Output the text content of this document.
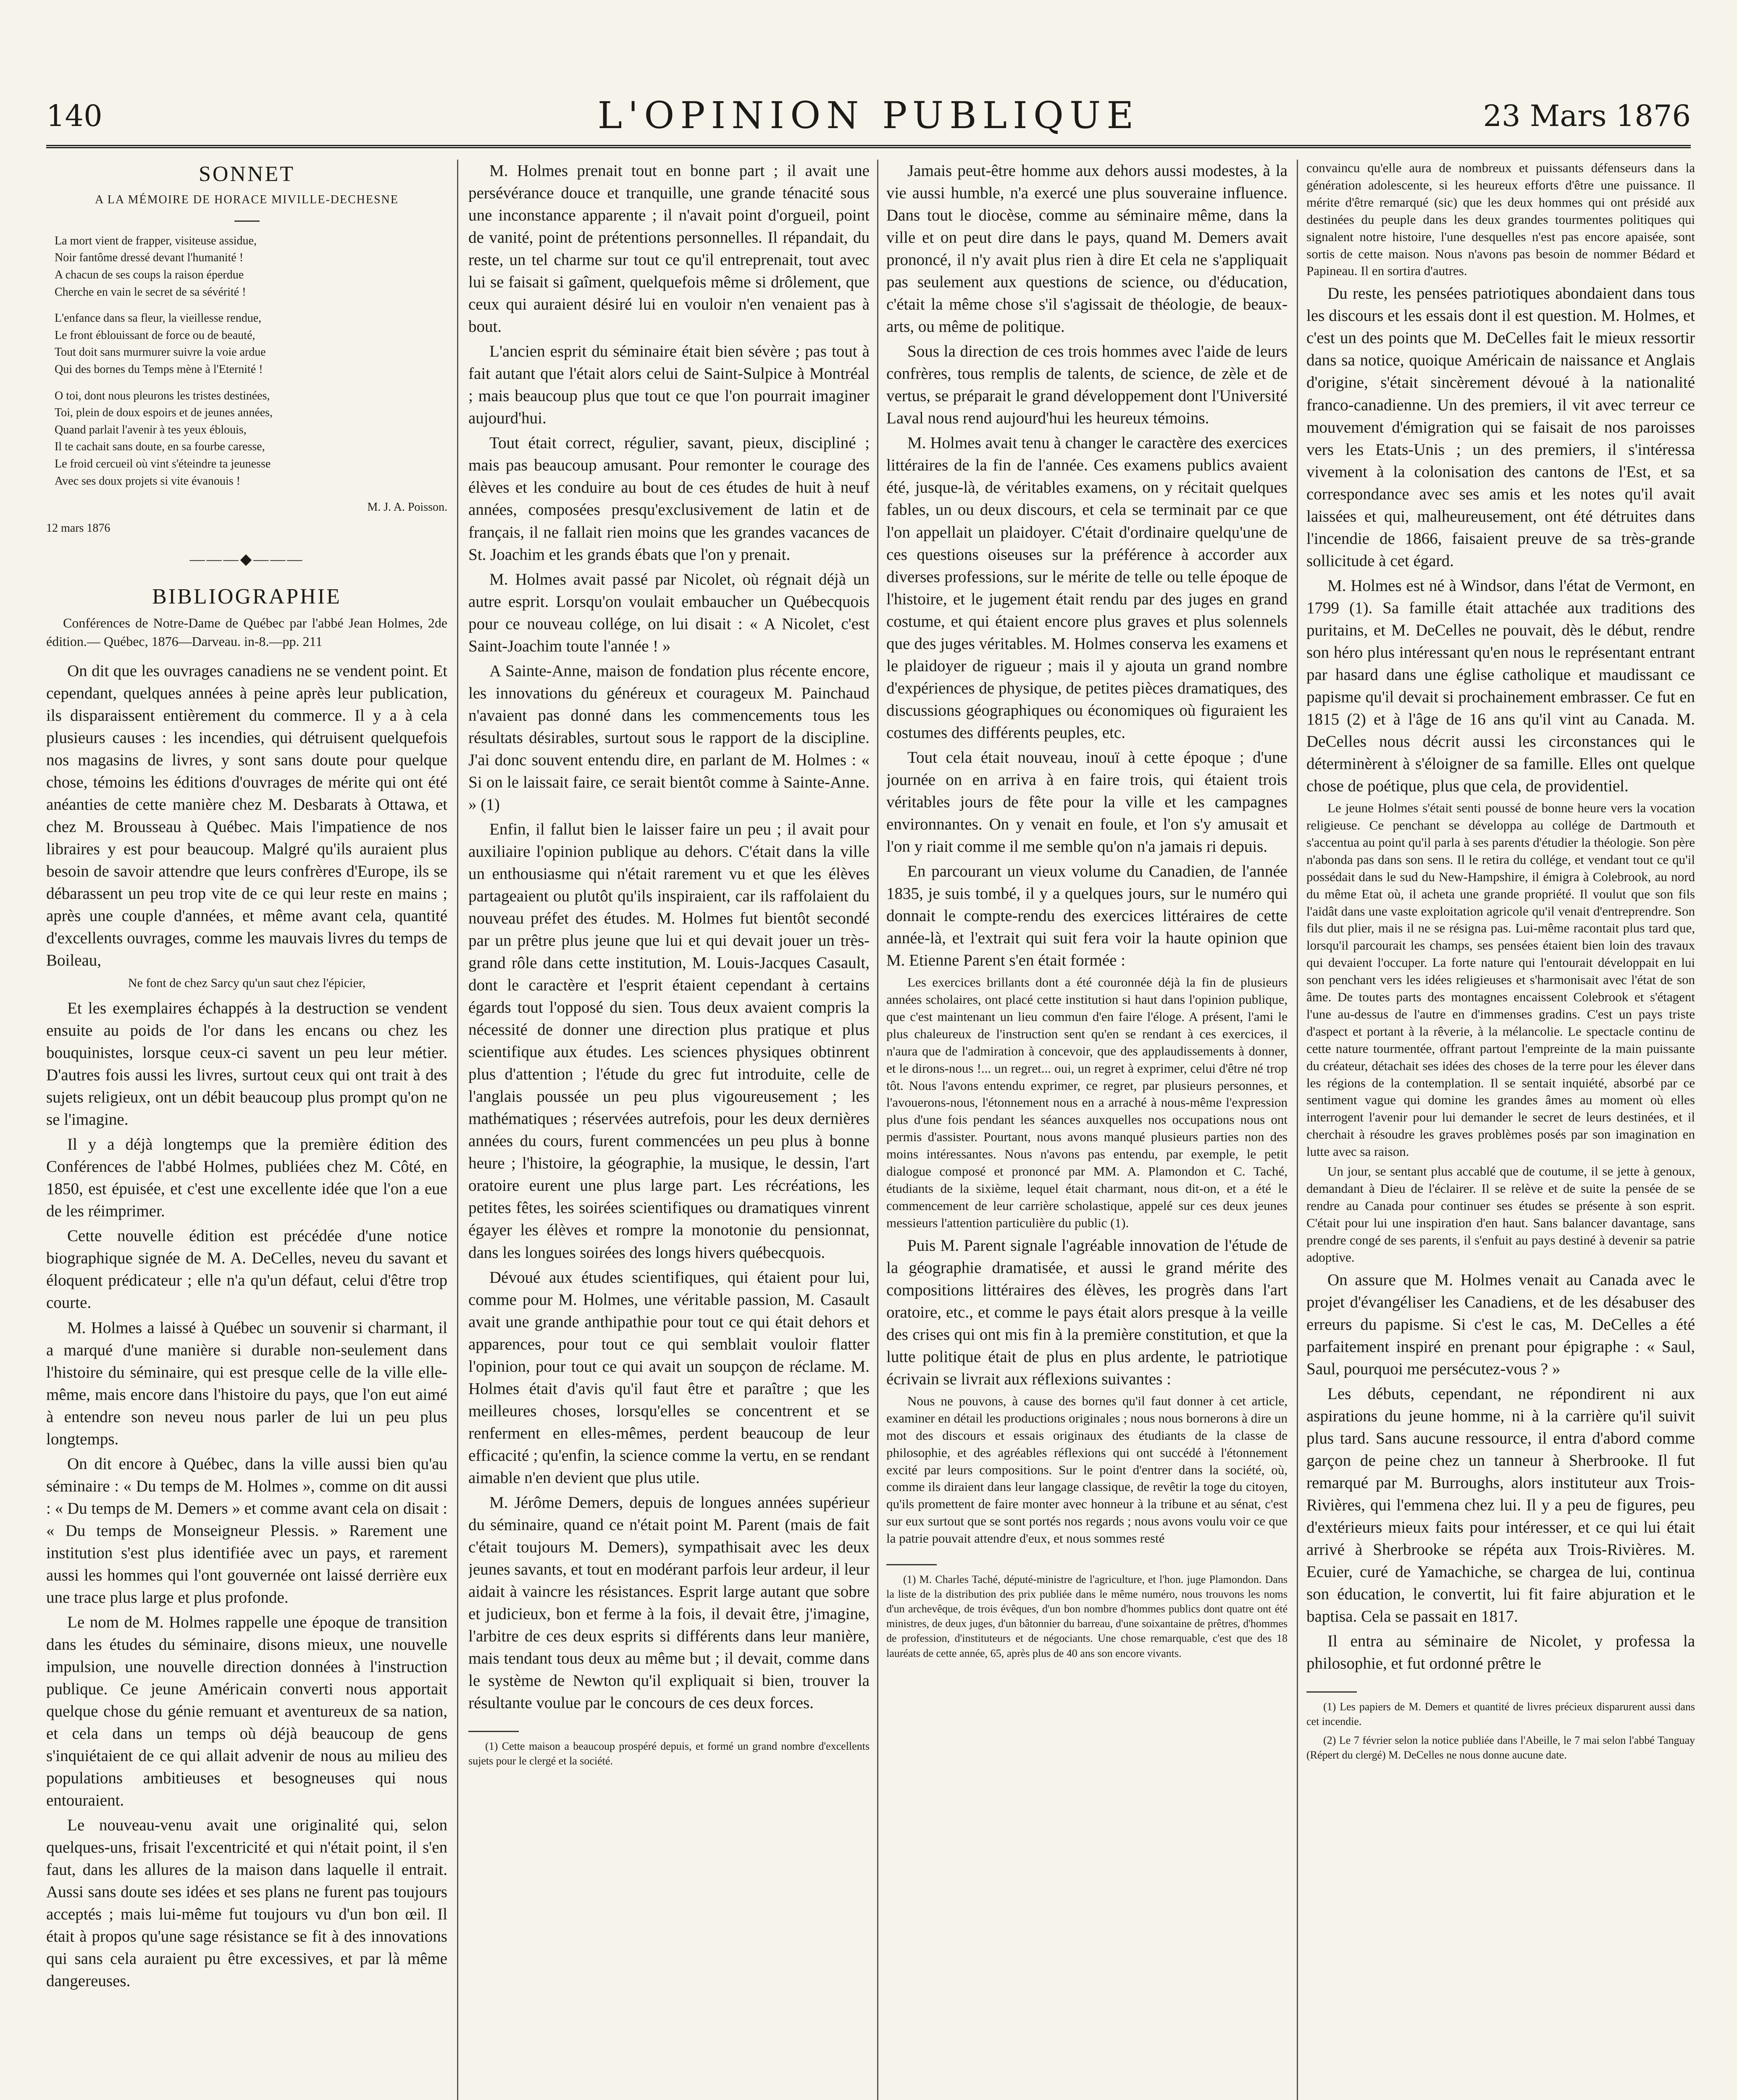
140	L'OPINION PUBLIQUE	23 Mars 1876
SONNET
A LA MÉMOIRE DE HORACE MIVILLE-DECHESNE
La mort vient de frapper, visiteuse assidue,
Noir fantôme dressé devant l'humanité !
A chacun de ses coups la raison éperdue
Cherche en vain le secret de sa sévérité !
L'enfance dans sa fleur, la vieillesse rendue,
Le front éblouissant de force ou de beauté,
Tout doit sans murmurer suivre la voie ardue
Qui des bornes du Temps mène à l'Eternité !
O toi, dont nous pleurons les tristes destinées,
Toi, plein de doux espoirs et de jeunes années,
Quand parlait l'avenir à tes yeux éblouis,
Il te cachait sans doute, en sa fourbe caresse,
Le froid cercueil où vint s'éteindre ta jeunesse
Avec ses doux projets si vite évanouis !
M. J. A. Poisson.
12 mars 1876
―――◆―――
BIBLIOGRAPHIE
Conférences de Notre-Dame de Québec par l'abbé Jean Holmes, 2de édition.— Québec, 1876—Darveau. in-8.—pp. 211

On dit que les ouvrages canadiens ne se vendent point. Et cependant, quelques années à peine après leur publication, ils disparaissent entièrement du commerce. Il y a à cela plusieurs causes : les incendies, qui détruisent quelquefois nos magasins de livres, y sont sans doute pour quelque chose, témoins les éditions d'ouvrages de mérite qui ont été anéanties de cette manière chez M. Desbarats à Ottawa, et chez M. Brousseau à Québec. Mais l'impatience de nos libraires y est pour beaucoup. Malgré qu'ils auraient plus besoin de savoir attendre que leurs confrères d'Europe, ils se débarassent un peu trop vite de ce qui leur reste en mains ; après une couple d'années, et même avant cela, quantité d'excellents ouvrages, comme les mauvais livres du temps de Boileau,

Ne font de chez Sarcy qu'un saut chez l'épicier,

Et les exemplaires échappés à la destruction se vendent ensuite au poids de l'or dans les encans ou chez les bouquinistes, lorsque ceux-ci savent un peu leur métier. D'autres fois aussi les livres, surtout ceux qui ont trait à des sujets religieux, ont un débit beaucoup plus prompt qu'on ne se l'imagine.

Il y a déjà longtemps que la première édition des Conférences de l'abbé Holmes, publiées chez M. Côté, en 1850, est épuisée, et c'est une excellente idée que l'on a eue de les réimprimer.

Cette nouvelle édition est précédée d'une notice biographique signée de M. A. DeCelles, neveu du savant et éloquent prédicateur ; elle n'a qu'un défaut, celui d'être trop courte.

M. Holmes a laissé à Québec un souvenir si charmant, il a marqué d'une manière si durable non-seulement dans l'histoire du séminaire, qui est presque celle de la ville elle-même, mais encore dans l'histoire du pays, que l'on eut aimé à entendre son neveu nous parler de lui un peu plus longtemps.

On dit encore à Québec, dans la ville aussi bien qu'au séminaire : « Du temps de M. Holmes », comme on dit aussi : « Du temps de M. Demers » et comme avant cela on disait : « Du temps de Monseigneur Plessis. » Rarement une institution s'est plus identifiée avec un pays, et rarement aussi les hommes qui l'ont gouvernée ont laissé derrière eux une trace plus large et plus profonde.

Le nom de M. Holmes rappelle une époque de transition dans les études du séminaire, disons mieux, une nouvelle impulsion, une nouvelle direction données à l'instruction publique. Ce jeune Américain converti nous apportait quelque chose du génie remuant et aventureux de sa nation, et cela dans un temps où déjà beaucoup de gens s'inquiétaient de ce qui allait advenir de nous au milieu des populations ambitieuses et besogneuses qui nous entouraient.

Le nouveau-venu avait une originalité qui, selon quelques-uns, frisait l'excentricité et qui n'était point, il s'en faut, dans les allures de la maison dans laquelle il entrait. Aussi sans doute ses idées et ses plans ne furent pas toujours acceptés ; mais lui-même fut toujours vu d'un bon œil. Il était à propos qu'une sage résistance se fit à des innovations qui sans cela auraient pu être excessives, et par là même dangereuses.

M. Holmes prenait tout en bonne part ; il avait une persévérance douce et tranquille, une grande ténacité sous une inconstance apparente ; il n'avait point d'orgueil, point de vanité, point de prétentions personnelles. Il répandait, du reste, un tel charme sur tout ce qu'il entreprenait, tout avec lui se faisait si gaîment, quelquefois même si drôlement, que ceux qui auraient désiré lui en vouloir n'en venaient pas à bout.

L'ancien esprit du séminaire était bien sévère ; pas tout à fait autant que l'était alors celui de Saint-Sulpice à Montréal ; mais beaucoup plus que tout ce que l'on pourrait imaginer aujourd'hui.

Tout était correct, régulier, savant, pieux, discipliné ; mais pas beaucoup amusant. Pour remonter le courage des élèves et les conduire au bout de ces études de huit à neuf années, composées presqu'exclusivement de latin et de français, il ne fallait rien moins que les grandes vacances de St. Joachim et les grands ébats que l'on y prenait.

M. Holmes avait passé par Nicolet, où régnait déjà un autre esprit. Lorsqu'on voulait embaucher un Québecquois pour ce nouveau collége, on lui disait : « A Nicolet, c'est Saint-Joachim toute l'année ! »

A Sainte-Anne, maison de fondation plus récente encore, les innovations du généreux et courageux M. Painchaud n'avaient pas donné dans les commencements tous les résultats désirables, surtout sous le rapport de la discipline. J'ai donc souvent entendu dire, en parlant de M. Holmes : « Si on le laissait faire, ce serait bientôt comme à Sainte-Anne. » (1)

Enfin, il fallut bien le laisser faire un peu ; il avait pour auxiliaire l'opinion publique au dehors. C'était dans la ville un enthousiasme qui n'était rarement vu et que les élèves partageaient ou plutôt qu'ils inspiraient, car ils raffolaient du nouveau préfet des études. M. Holmes fut bientôt secondé par un prêtre plus jeune que lui et qui devait jouer un très-grand rôle dans cette institution, M. Louis-Jacques Casault, dont le caractère et l'esprit étaient cependant à certains égards tout l'opposé du sien. Tous deux avaient compris la nécessité de donner une direction plus pratique et plus scientifique aux études. Les sciences physiques obtinrent plus d'attention ; l'étude du grec fut introduite, celle de l'anglais poussée un peu plus vigoureusement ; les mathématiques ; réservées autrefois, pour les deux dernières années du cours, furent commencées un peu plus à bonne heure ; l'histoire, la géographie, la musique, le dessin, l'art oratoire eurent une plus large part. Les récréations, les petites fêtes, les soirées scientifiques ou dramatiques vinrent égayer les élèves et rompre la monotonie du pensionnat, dans les longues soirées des longs hivers québecquois.

Dévoué aux études scientifiques, qui étaient pour lui, comme pour M. Holmes, une véritable passion, M. Casault avait une grande anthipathie pour tout ce qui était dehors et apparences, pour tout ce qui semblait vouloir flatter l'opinion, pour tout ce qui avait un soupçon de réclame. M. Holmes était d'avis qu'il faut être et paraître ; que les meilleures choses, lorsqu'elles se concentrent et se renferment en elles-mêmes, perdent beaucoup de leur efficacité ; qu'enfin, la science comme la vertu, en se rendant aimable n'en devient que plus utile.

M. Jérôme Demers, depuis de longues années supérieur du séminaire, quand ce n'était point M. Parent (mais de fait c'était toujours M. Demers), sympathisait avec les deux jeunes savants, et tout en modérant parfois leur ardeur, il leur aidait à vaincre les résistances. Esprit large autant que sobre et judicieux, bon et ferme à la fois, il devait être, j'imagine, l'arbitre de ces deux esprits si différents dans leur manière, mais tendant tous deux au même but ; il devait, comme dans le système de Newton qu'il expliquait si bien, trouver la résultante voulue par le concours de ces deux forces.

(1) Cette maison a beaucoup prospéré depuis, et formé un grand nombre d'excellents sujets pour le clergé et la société.

Jamais peut-être homme aux dehors aussi modestes, à la vie aussi humble, n'a exercé une plus souveraine influence. Dans tout le diocèse, comme au séminaire même, dans la ville et on peut dire dans le pays, quand M. Demers avait prononcé, il n'y avait plus rien à dire Et cela ne s'appliquait pas seulement aux questions de science, ou d'éducation, c'était la même chose s'il s'agissait de théologie, de beaux-arts, ou même de politique.

Sous la direction de ces trois hommes avec l'aide de leurs confrères, tous remplis de talents, de science, de zèle et de vertus, se préparait le grand développement dont l'Université Laval nous rend aujourd'hui les heureux témoins.

M. Holmes avait tenu à changer le caractère des exercices littéraires de la fin de l'année. Ces examens publics avaient été, jusque-là, de véritables examens, on y récitait quelques fables, un ou deux discours, et cela se terminait par ce que l'on appellait un plaidoyer. C'était d'ordinaire quelqu'une de ces questions oiseuses sur la préférence à accorder aux diverses professions, sur le mérite de telle ou telle époque de l'histoire, et le jugement était rendu par des juges en grand costume, et qui étaient encore plus graves et plus solennels que des juges véritables. M. Holmes conserva les examens et le plaidoyer de rigueur ; mais il y ajouta un grand nombre d'expériences de physique, de petites pièces dramatiques, des discussions géographiques ou économiques où figuraient les costumes des différents peuples, etc.

Tout cela était nouveau, inouï à cette époque ; d'une journée on en arriva à en faire trois, qui étaient trois véritables jours de fête pour la ville et les campagnes environnantes. On y venait en foule, et l'on s'y amusait et l'on y riait comme il me semble qu'on n'a jamais ri depuis.

En parcourant un vieux volume du Canadien, de l'année 1835, je suis tombé, il y a quelques jours, sur le numéro qui donnait le compte-rendu des exercices littéraires de cette année-là, et l'extrait qui suit fera voir la haute opinion que M. Etienne Parent s'en était formée :

Les exercices brillants dont a été couronnée déjà la fin de plusieurs années scholaires, ont placé cette institution si haut dans l'opinion publique, que c'est maintenant un lieu commun d'en faire l'éloge. A présent, l'ami le plus chaleureux de l'instruction sent qu'en se rendant à ces exercices, il n'aura que de l'admiration à concevoir, que des applaudissements à donner, et le dirons-nous !... un regret... oui, un regret à exprimer, celui d'être né trop tôt. Nous l'avons entendu exprimer, ce regret, par plusieurs personnes, et l'avouerons-nous, l'étonnement nous en a arraché à nous-même l'expression plus d'une fois pendant les séances auxquelles nos occupations nous ont permis d'assister. Pourtant, nous avons manqué plusieurs parties non des moins intéressantes. Nous n'avons pas entendu, par exemple, le petit dialogue composé et prononcé par MM. A. Plamondon et C. Taché, étudiants de la sixième, lequel était charmant, nous dit-on, et a été le commencement de leur carrière scholastique, appelé sur ces deux jeunes messieurs l'attention particulière du public (1).

Puis M. Parent signale l'agréable innovation de l'étude de la géographie dramatisée, et aussi le grand mérite des compositions littéraires des élèves, les progrès dans l'art oratoire, etc., et comme le pays était alors presque à la veille des crises qui ont mis fin à la première constitution, et que la lutte politique était de plus en plus ardente, le patriotique écrivain se livrait aux réflexions suivantes :

Nous ne pouvons, à cause des bornes qu'il faut donner à cet article, examiner en détail les productions originales ; nous nous bornerons à dire un mot des discours et essais originaux des étudiants de la classe de philosophie, et des agréables réflexions qui ont succédé à l'étonnement excité par leurs compositions. Sur le point d'entrer dans la société, où, comme ils diraient dans leur langage classique, de revêtir la toge du citoyen, qu'ils promettent de faire monter avec honneur à la tribune et au sénat, c'est sur eux surtout que se sont portés nos regards ; nous avons voulu voir ce que la patrie pouvait attendre d'eux, et nous sommes resté

(1) M. Charles Taché, député-ministre de l'agriculture, et l'hon. juge Plamondon. Dans la liste de la distribution des prix publiée dans le même numéro, nous trouvons les noms d'un archevêque, de trois évêques, d'un bon nombre d'hommes publics dont quatre ont été ministres, de deux juges, d'un bâtonnier du barreau, d'une soixantaine de prêtres, d'hommes de profession, d'instituteurs et de négociants. Une chose remarquable, c'est que des 18 lauréats de cette année, 65, après plus de 40 ans son encore vivants.

convaincu qu'elle aura de nombreux et puissants défenseurs dans la génération adolescente, si les heureux efforts d'être une puissance. Il mérite d'être remarqué (sic) que les deux hommes qui ont présidé aux destinées du peuple dans les deux grandes tourmentes politiques qui signalent notre histoire, l'une desquelles n'est pas encore apaisée, sont sortis de cette maison. Nous n'avons pas besoin de nommer Bédard et Papineau. Il en sortira d'autres.

Du reste, les pensées patriotiques abondaient dans tous les discours et les essais dont il est question. M. Holmes, et c'est un des points que M. DeCelles fait le mieux ressortir dans sa notice, quoique Américain de naissance et Anglais d'origine, s'était sincèrement dévoué à la nationalité franco-canadienne. Un des premiers, il vit avec terreur ce mouvement d'émigration qui se faisait de nos paroisses vers les Etats-Unis ; un des premiers, il s'intéressa vivement à la colonisation des cantons de l'Est, et sa correspondance avec ses amis et les notes qu'il avait laissées et qui, malheureusement, ont été détruites dans l'incendie de 1866, faisaient preuve de sa très-grande sollicitude à cet égard.

M. Holmes est né à Windsor, dans l'état de Vermont, en 1799 (1). Sa famille était attachée aux traditions des puritains, et M. DeCelles ne pouvait, dès le début, rendre son héro plus intéressant qu'en nous le représentant entrant par hasard dans une église catholique et maudissant ce papisme qu'il devait si prochainement embrasser. Ce fut en 1815 (2) et à l'âge de 16 ans qu'il vint au Canada. M. DeCelles nous décrit aussi les circonstances qui le déterminèrent à s'éloigner de sa famille. Elles ont quelque chose de poétique, plus que cela, de providentiel.

Le jeune Holmes s'était senti poussé de bonne heure vers la vocation religieuse. Ce penchant se développa au collége de Dartmouth et s'accentua au point qu'il parla à ses parents d'étudier la théologie. Son père n'abonda pas dans son sens. Il le retira du collége, et vendant tout ce qu'il possédait dans le sud du New-Hampshire, il émigra à Colebrook, au nord du même Etat où, il acheta une grande propriété. Il voulut que son fils l'aidât dans une vaste exploitation agricole qu'il venait d'entreprendre. Son fils dut plier, mais il ne se résigna pas. Lui-même racontait plus tard que, lorsqu'il parcourait les champs, ses pensées étaient bien loin des travaux qui devaient l'occuper. La forte nature qui l'entourait développait en lui son penchant vers les idées religieuses et s'harmonisait avec l'état de son âme. De toutes parts des montagnes encaissent Colebrook et s'étagent l'une au-dessus de l'autre en d'immenses gradins. C'est un pays triste d'aspect et portant à la rêverie, à la mélancolie. Le spectacle continu de cette nature tourmentée, offrant partout l'empreinte de la main puissante du créateur, détachait ses idées des choses de la terre pour les élever dans les régions de la contemplation. Il se sentait inquiété, absorbé par ce sentiment vague qui domine les grandes âmes au moment où elles interrogent l'avenir pour lui demander le secret de leurs destinées, et il cherchait à résoudre les graves problèmes posés par son imagination en lutte avec sa raison.

Un jour, se sentant plus accablé que de coutume, il se jette à genoux, demandant à Dieu de l'éclairer. Il se relève et de suite la pensée de se rendre au Canada pour continuer ses études se présente à son esprit. C'était pour lui une inspiration d'en haut. Sans balancer davantage, sans prendre congé de ses parents, il s'enfuit au pays destiné à devenir sa patrie adoptive.

On assure que M. Holmes venait au Canada avec le projet d'évangéliser les Canadiens, et de les désabuser des erreurs du papisme. Si c'est le cas, M. DeCelles a été parfaitement inspiré en prenant pour épigraphe : « Saul, Saul, pourquoi me persécutez-vous ? »

Les débuts, cependant, ne répondirent ni aux aspirations du jeune homme, ni à la carrière qu'il suivit plus tard. Sans aucune ressource, il entra d'abord comme garçon de peine chez un tanneur à Sherbrooke. Il fut remarqué par M. Burroughs, alors instituteur aux Trois-Rivières, qui l'emmena chez lui. Il y a peu de figures, peu d'extérieurs mieux faits pour intéresser, et ce qui lui était arrivé à Sherbrooke se répéta aux Trois-Rivières. M. Ecuier, curé de Yamachiche, se chargea de lui, continua son éducation, le convertit, lui fit faire abjuration et le baptisa. Cela se passait en 1817.

Il entra au séminaire de Nicolet, y professa la philosophie, et fut ordonné prêtre le

(1) Les papiers de M. Demers et quantité de livres précieux disparurent aussi dans cet incendie.
(2) Le 7 février selon la notice publiée dans l'Abeille, le 7 mai selon l'abbé Tanguay (Répert du clergé) M. DeCelles ne nous donne aucune date.
